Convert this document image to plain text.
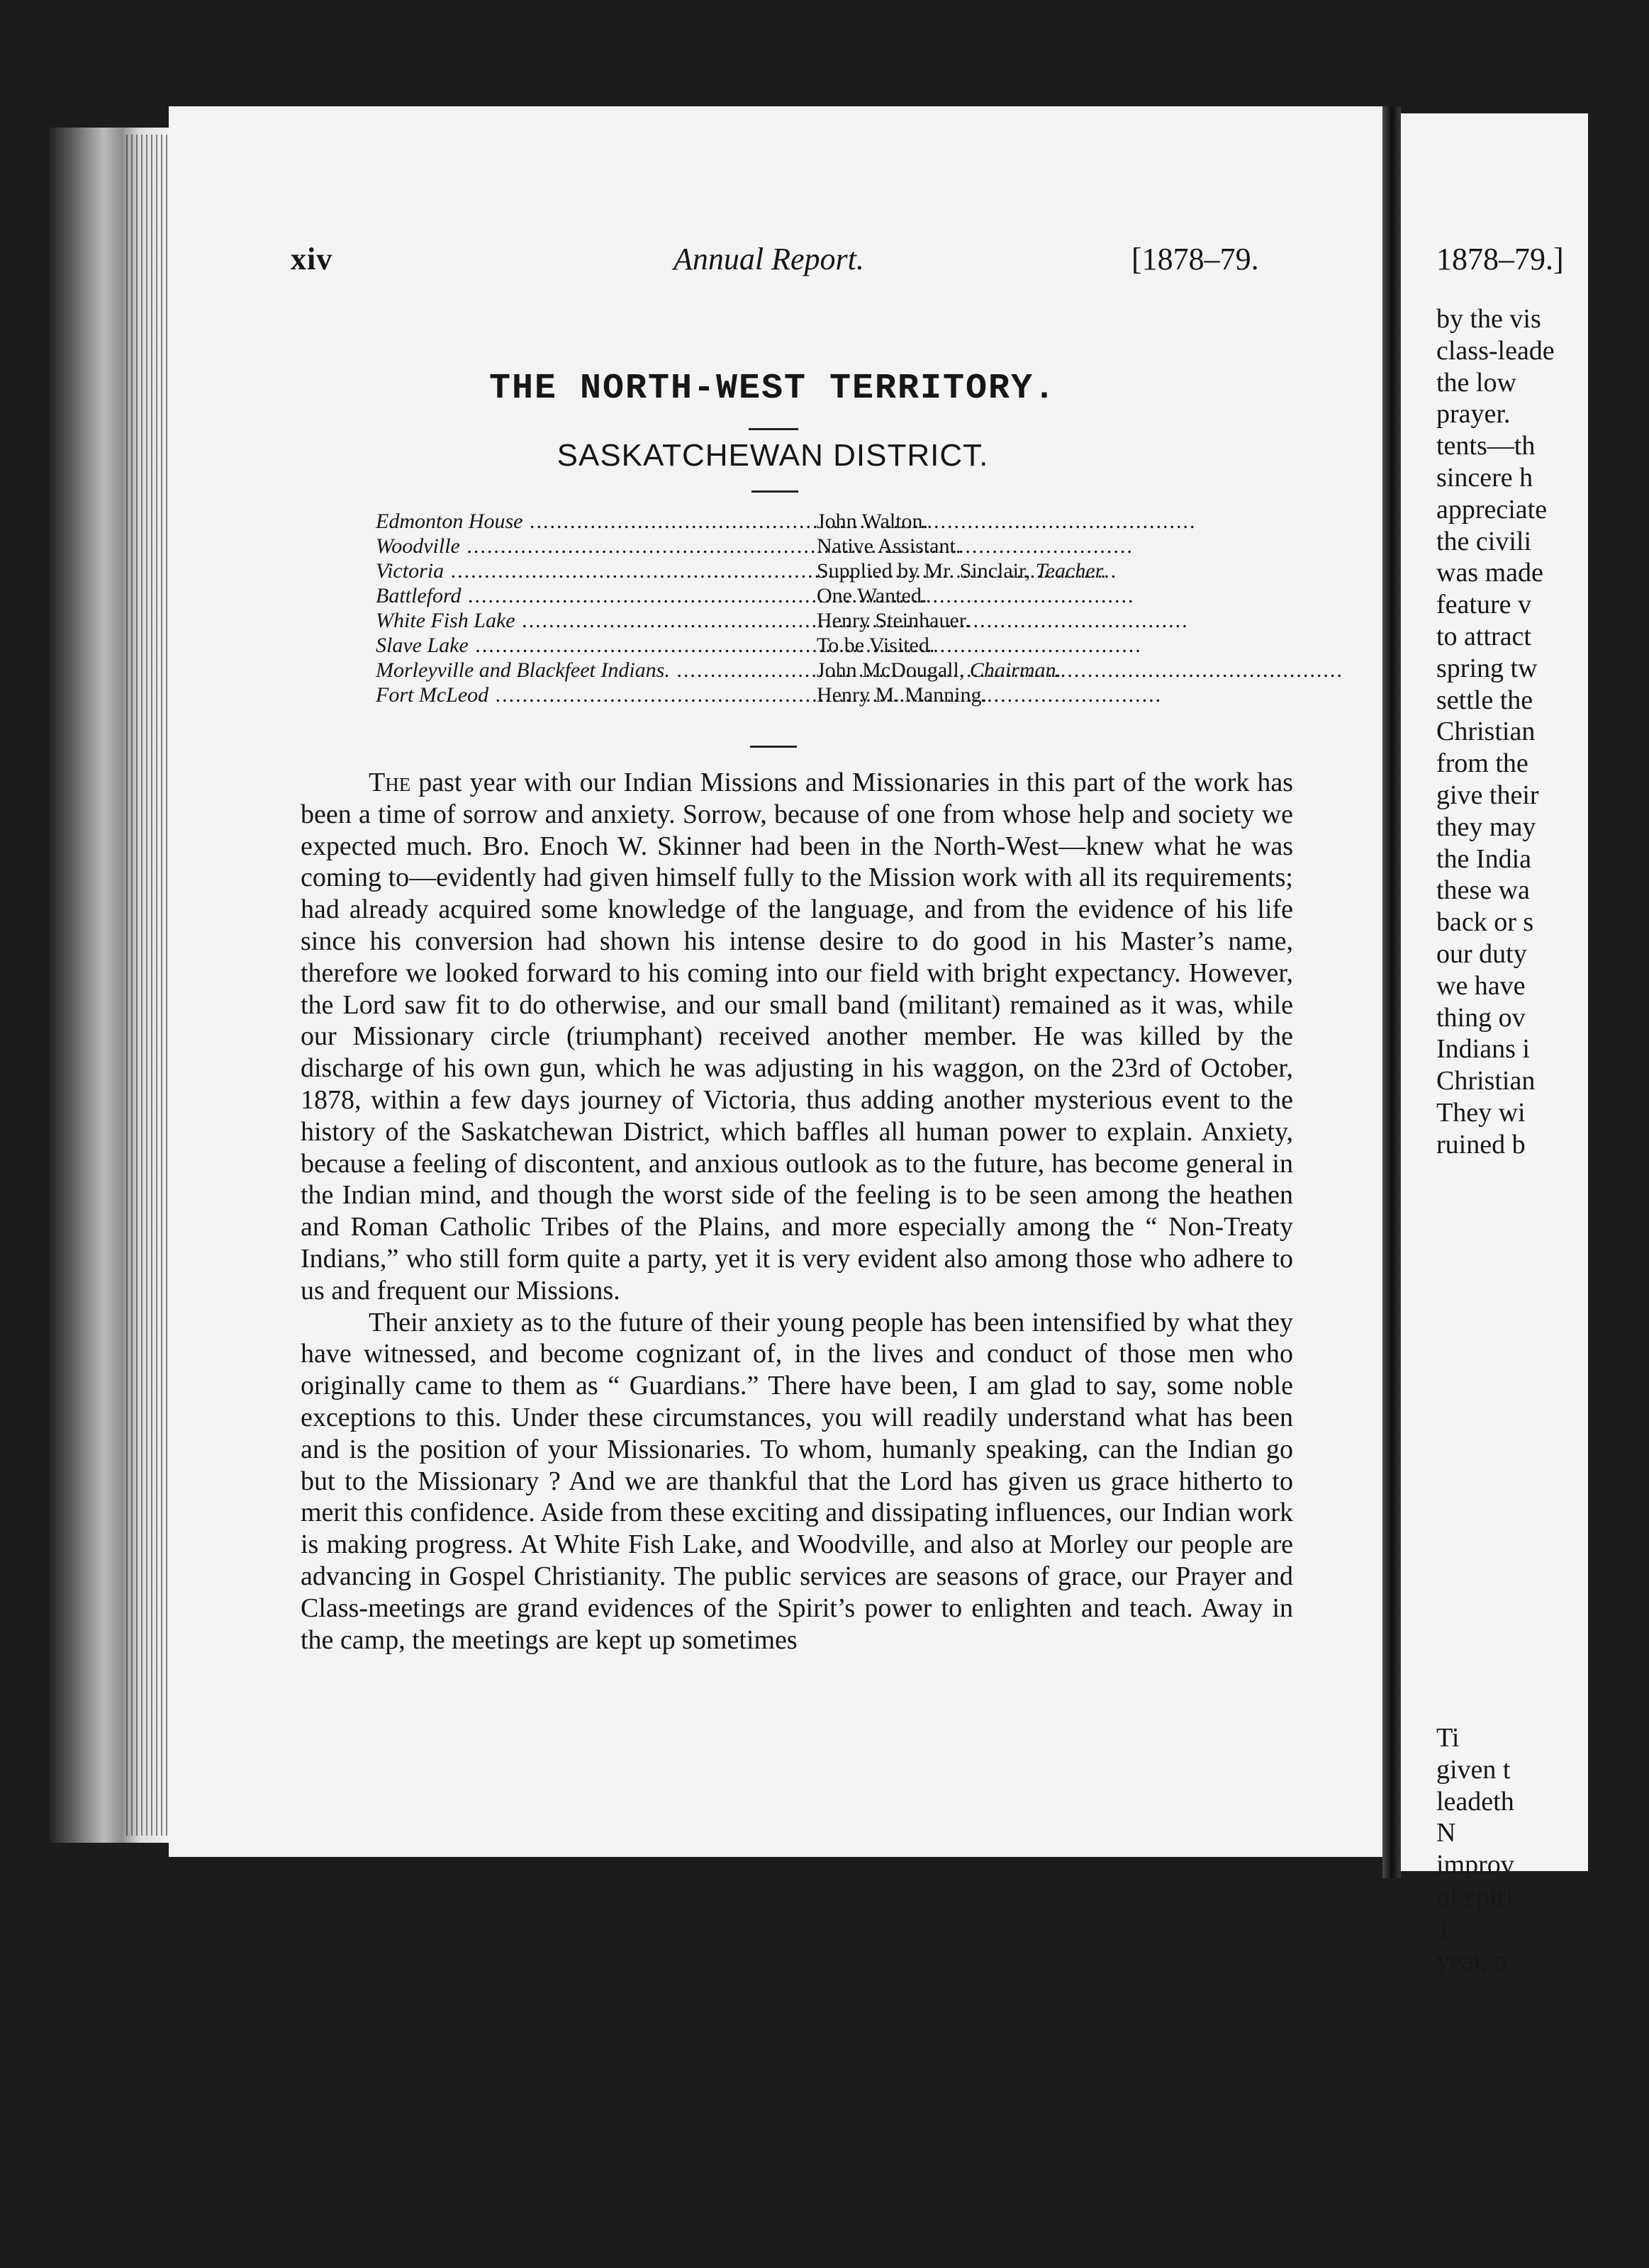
1878–79.]
by the vis
class-leade
the low
prayer.
tents—th
sincere h
appreciate
the civili
was made
feature v
to attract
spring tw
settle the
Christian
from the
give their
they may
the India
these wa
back or s
our duty
we have
thing ov
Indians i
Christian
They wi
ruined b
Ti
given t
leadeth
N
improv
of spiri
T
year, a
xiv	Annual Report.	[1878–79.
THE NORTH-WEST TERRITORY.
SASKATCHEWAN DISTRICT.
Edmonton House .....	John Walton.
Woodville .....	Native Assistant.
Victoria .....	Supplied by Mr. Sinclair, Teacher.
Battleford .....	One Wanted.
White Fish Lake .....	Henry Steinhauer.
Slave Lake .....	To be Visited.
Morleyville and Blackfeet Indians. .....	John McDougall, Chairman.
Fort McLeod .....	Henry M. Manning.

The past year with our Indian Missions and Missionaries in this part of the work has been a time of sorrow and anxiety. Sorrow, because of one from whose help and society we expected much. Bro. Enoch W. Skinner had been in the North-West—knew what he was coming to—evidently had given himself fully to the Mission work with all its requirements; had already acquired some knowledge of the language, and from the evidence of his life since his conversion had shown his intense desire to do good in his Master’s name, therefore we looked forward to his coming into our field with bright expectancy. However, the Lord saw fit to do otherwise, and our small band (militant) remained as it was, while our Missionary circle (triumphant) received another member. He was killed by the discharge of his own gun, which he was adjusting in his waggon, on the 23rd of October, 1878, within a few days journey of Victoria, thus adding another mysterious event to the history of the Saskatchewan District, which baffles all human power to explain. Anxiety, because a feeling of discontent, and anxious outlook as to the future, has become general in the Indian mind, and though the worst side of the feeling is to be seen among the heathen and Roman Catholic Tribes of the Plains, and more especially among the “ Non-Treaty Indians,” who still form quite a party, yet it is very evident also among those who adhere to us and frequent our Missions.

Their anxiety as to the future of their young people has been intensified by what they have witnessed, and become cognizant of, in the lives and conduct of those men who originally came to them as “ Guardians.” There have been, I am glad to say, some noble exceptions to this. Under these circumstances, you will readily understand what has been and is the position of your Missionaries. To whom, humanly speaking, can the Indian go but to the Missionary ? And we are thankful that the Lord has given us grace hitherto to merit this confidence. Aside from these exciting and dissipating influences, our Indian work is making progress. At White Fish Lake, and Woodville, and also at Morley our people are advancing in Gospel Christianity. The public services are seasons of grace, our Prayer and Class-meetings are grand evidences of the Spirit’s power to enlighten and teach. Away in the camp, the meetings are kept up sometimes
